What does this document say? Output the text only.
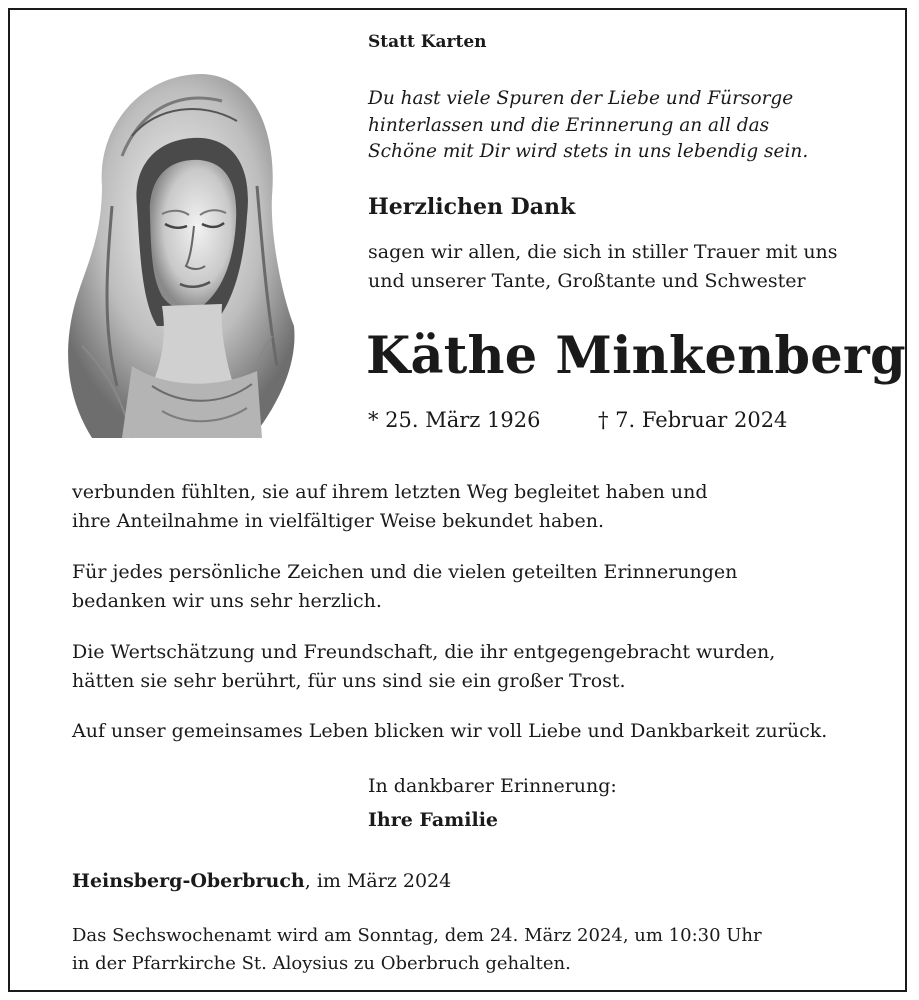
Statt Karten
Du hast viele Spuren der Liebe und Fürsorge
hinterlassen und die Erinnerung an all das
Schöne mit Dir wird stets in uns lebendig sein.
Herzlichen Dank
sagen wir allen, die sich in stiller Trauer mit uns
und unserer Tante, Großtante und Schwester
Käthe Minkenberg
* 25. März 1926	† 7. Februar 2024
verbunden fühlten, sie auf ihrem letzten Weg begleitet haben und
ihre Anteilnahme in vielfältiger Weise bekundet haben.
Für jedes persönliche Zeichen und die vielen geteilten Erinnerungen
bedanken wir uns sehr herzlich.
Die Wertschätzung und Freundschaft, die ihr entgegengebracht wurden,
hätten sie sehr berührt, für uns sind sie ein großer Trost.
Auf unser gemeinsames Leben blicken wir voll Liebe und Dankbarkeit zurück.
In dankbarer Erinnerung:
Ihre Familie
Heinsberg-Oberbruch, im März 2024
Das Sechswochenamt wird am Sonntag, dem 24. März 2024, um 10:30 Uhr
in der Pfarrkirche St. Aloysius zu Oberbruch gehalten.
